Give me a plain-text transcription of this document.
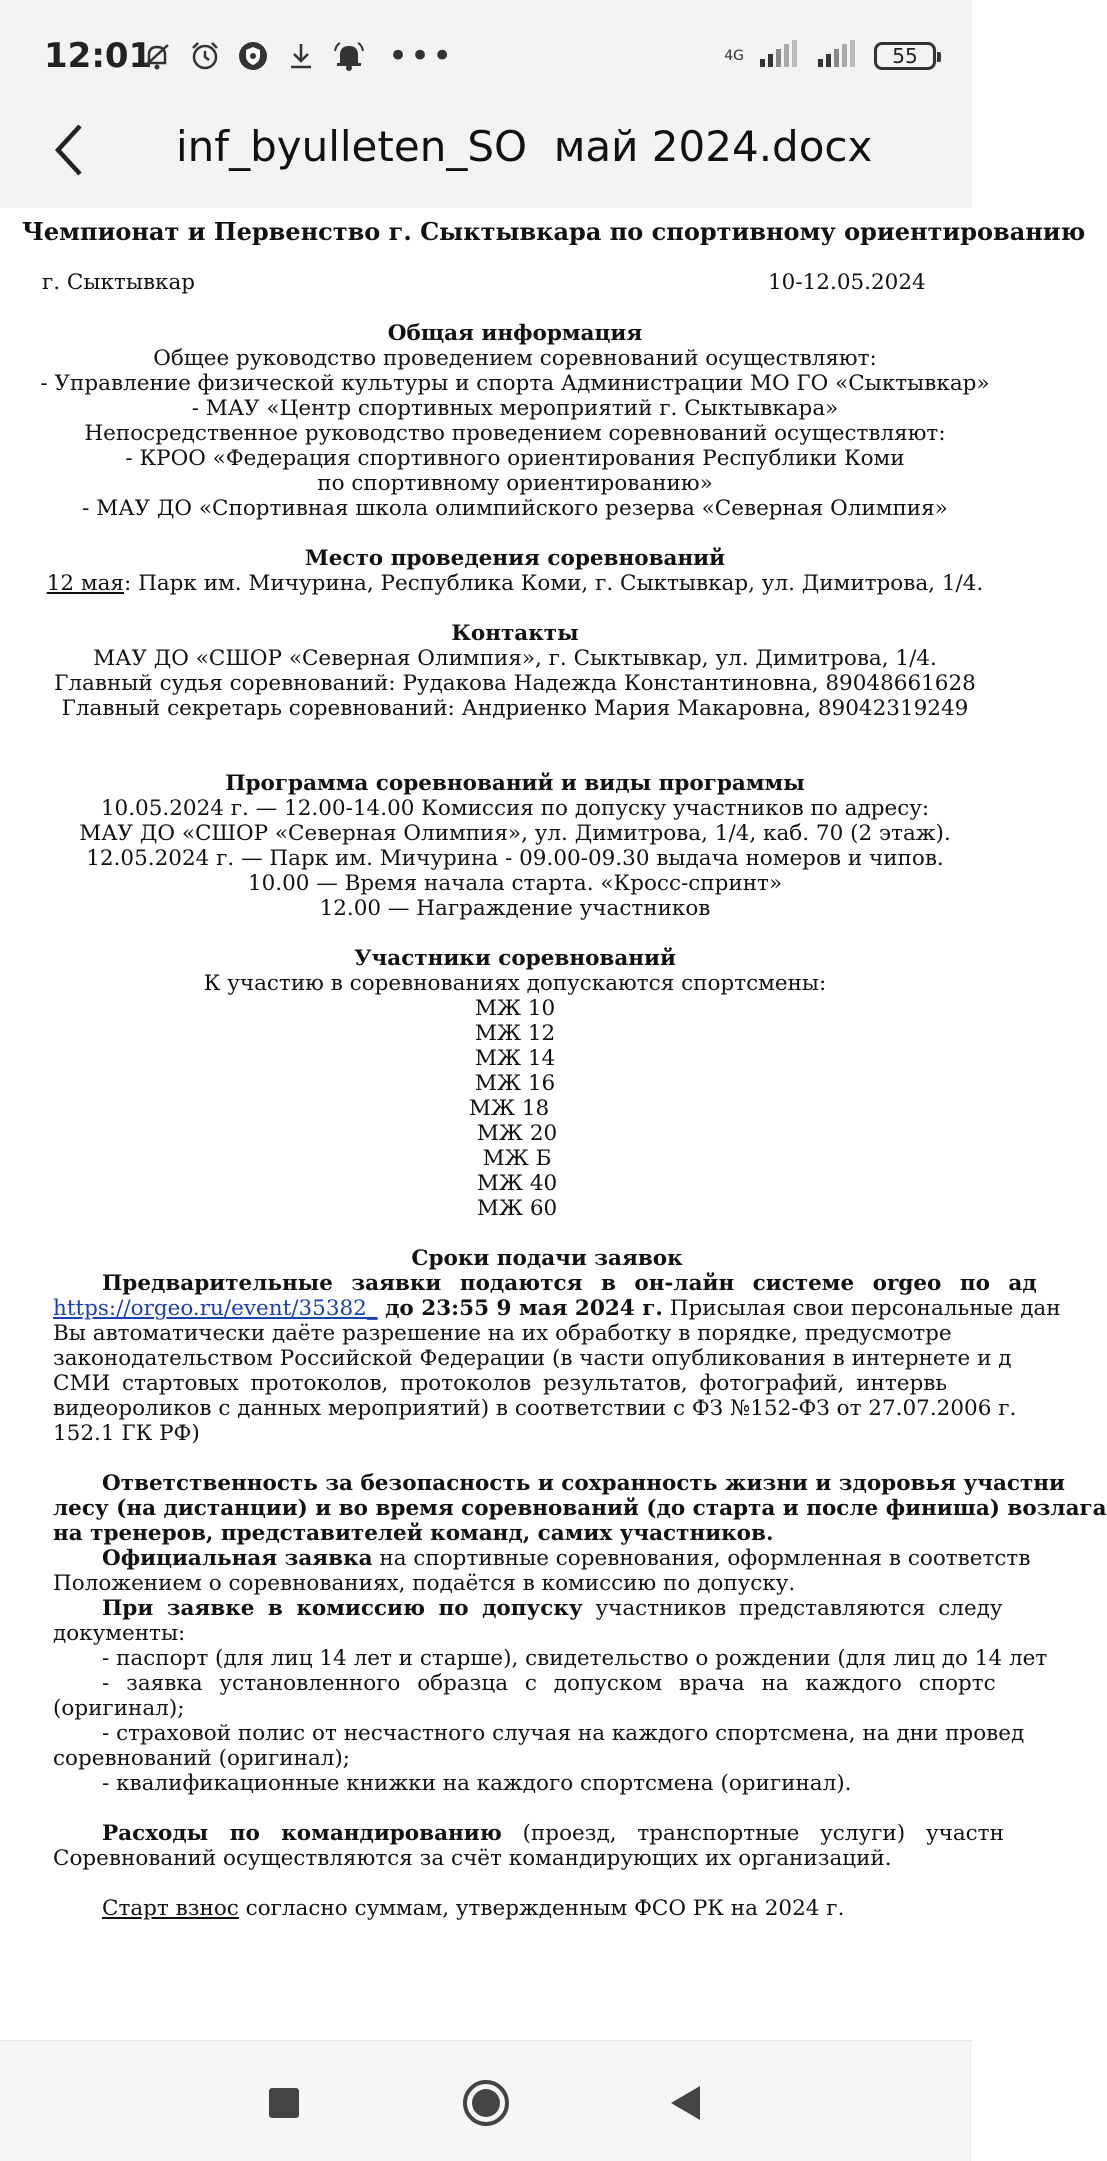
12:01	•••	4G	55
inf_byulleten_SO  май 2024.docx
Чемпионат и Первенство г. Сыктывкара по спортивному ориентированию
г. Сыктывкар	10-12.05.2024
Общая информация
Общее руководство проведением соревнований осуществляют:
- Управление физической культуры и спорта Администрации МО ГО «Сыктывкар»
- МАУ «Центр спортивных мероприятий г. Сыктывкара»
Непосредственное руководство проведением соревнований осуществляют:
- КРОО «Федерация спортивного ориентирования Республики Коми
по спортивному ориентированию»
- МАУ ДО «Спортивная школа олимпийского резерва «Северная Олимпия»
Место проведения соревнований
12 мая: Парк им. Мичурина, Республика Коми, г. Сыктывкар, ул. Димитрова, 1/4.
Контакты
МАУ ДО «СШОР «Северная Олимпия», г. Сыктывкар, ул. Димитрова, 1/4.
Главный судья соревнований: Рудакова Надежда Константиновна, 89048661628
Главный секретарь соревнований: Андриенко Мария Макаровна, 89042319249
Программа соревнований и виды программы
10.05.2024 г. — 12.00-14.00 Комиссия по допуску участников по адресу:
МАУ ДО «СШОР «Северная Олимпия», ул. Димитрова, 1/4, каб. 70 (2 этаж).
12.05.2024 г. — Парк им. Мичурина - 09.00-09.30 выдача номеров и чипов.
10.00 — Время начала старта. «Кросс-спринт»
12.00 — Награждение участников
Участники соревнований
К участию в соревнованиях допускаются спортсмены:
МЖ 10
МЖ 12
МЖ 14
МЖ 16
МЖ 18
МЖ 20
МЖ Б
МЖ 40
МЖ 60
Сроки подачи заявок
Предварительные заявки подаются в он-лайн системе orgeo по ад
https://orgeo.ru/event/35382_ до 23:55 9 мая 2024 г. Присылая свои персональные дан
Вы автоматически даёте разрешение на их обработку в порядке, предусмотре
законодательством Российской Федерации (в части опубликования в интернете и д
СМИ стартовых протоколов, протоколов результатов, фотографий, интервь
видеороликов с данных мероприятий) в соответствии с ФЗ №152-ФЗ от 27.07.2006 г.
152.1 ГК РФ)
Ответственность за безопасность и сохранность жизни и здоровья участни
лесу (на дистанции) и во время соревнований (до старта и после финиша) возлага
на тренеров, представителей команд, самих участников.
Официальная заявка на спортивные соревнования, оформленная в соответств
Положением о соревнованиях, подаётся в комиссию по допуску.
При заявке в комиссию по допуску участников представляются следу
документы:
- паспорт (для лиц 14 лет и старше), свидетельство о рождении (для лиц до 14 лет
- заявка установленного образца с допуском врача на каждого спортс
(оригинал);
- страховой полис от несчастного случая на каждого спортсмена, на дни провед
соревнований (оригинал);
- квалификационные книжки на каждого спортсмена (оригинал).
Расходы по командированию (проезд, транспортные услуги) участн
Соревнований осуществляются за счёт командирующих их организаций.
Старт взнос согласно суммам, утвержденным ФСО РК на 2024 г.
